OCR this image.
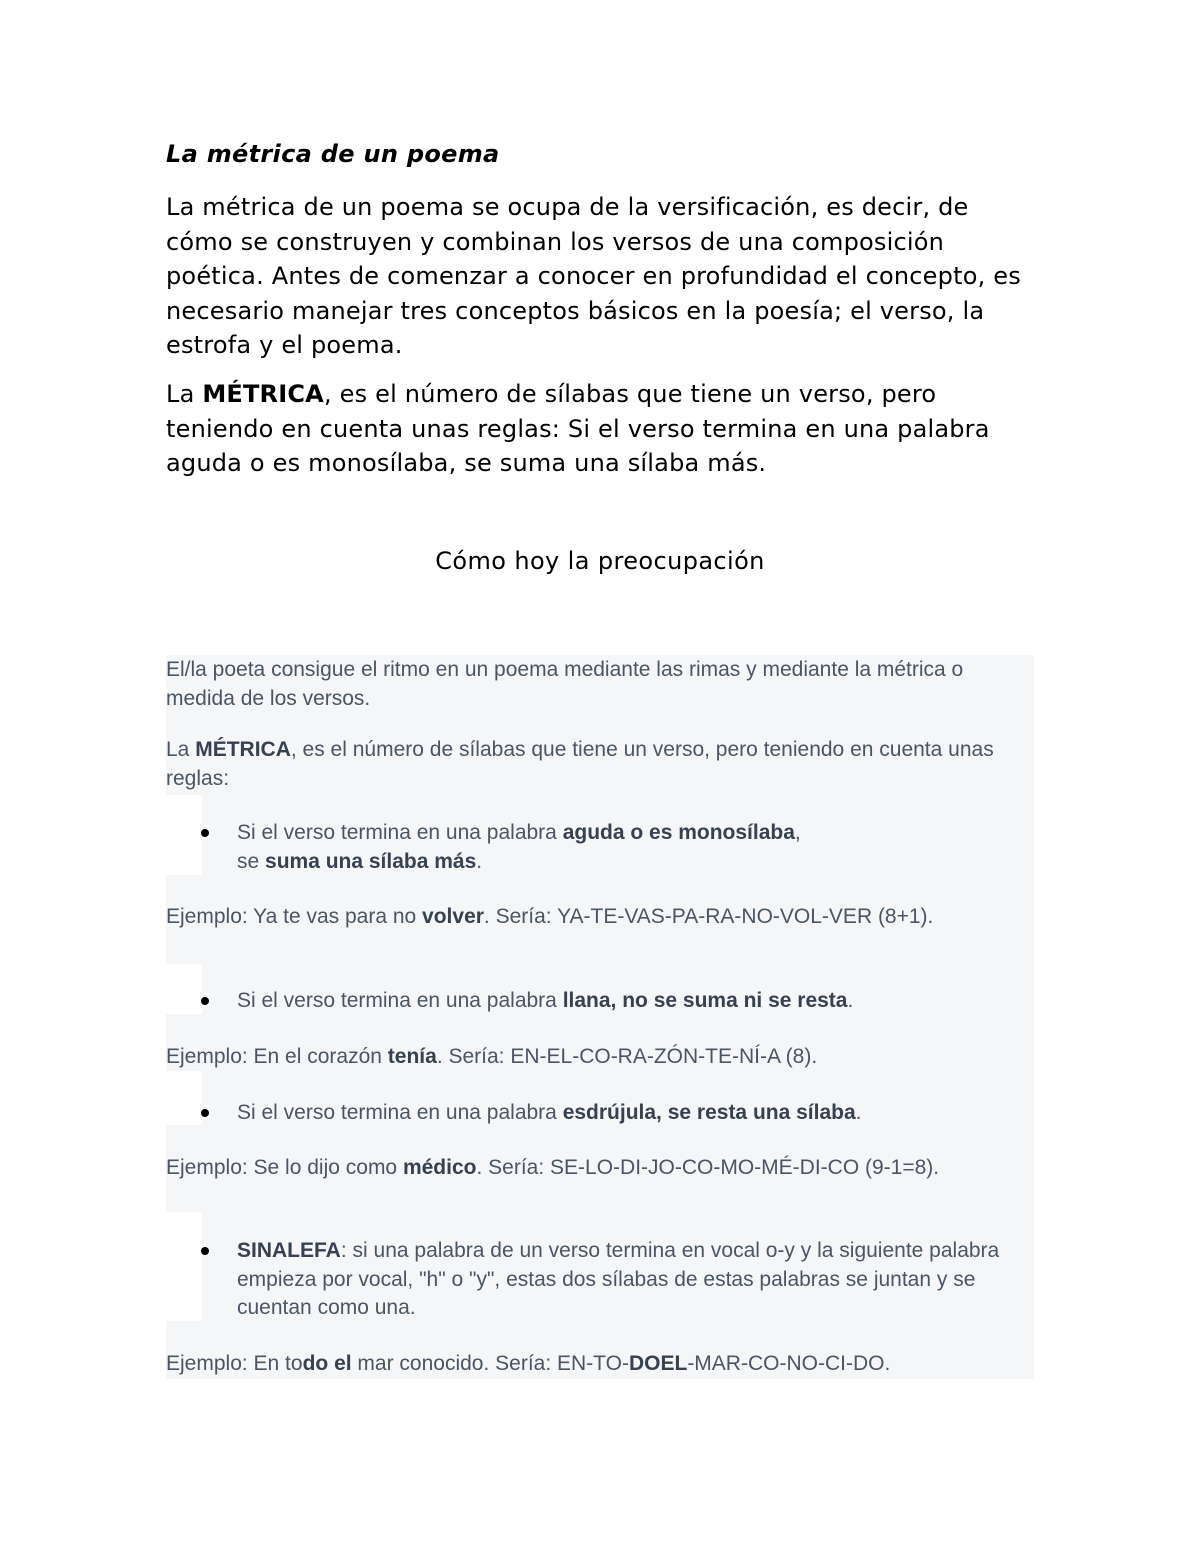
La métrica de un poema

La métrica de un poema se ocupa de la versificación, es decir, de cómo se construyen y combinan los versos de una composición poética. Antes de comenzar a conocer en profundidad el concepto, es necesario manejar tres conceptos básicos en la poesía; el verso, la estrofa y el poema.

La MÉTRICA, es el número de sílabas que tiene un verso, pero teniendo en cuenta unas reglas: Si el verso termina en una palabra aguda o es monosílaba, se suma una sílaba más.

Cómo hoy la preocupación

El/la poeta consigue el ritmo en un poema mediante las rimas y mediante la métrica o medida de los versos.

La MÉTRICA, es el número de sílabas que tiene un verso, pero teniendo en cuenta unas reglas:

Si el verso termina en una palabra aguda o es monosílaba,
se suma una sílaba más.

Ejemplo: Ya te vas para no volver. Sería: YA-TE-VAS-PA-RA-NO-VOL-VER (8+1).

Si el verso termina en una palabra llana, no se suma ni se resta.

Ejemplo: En el corazón tenía. Sería: EN-EL-CO-RA-ZÓN-TE-NÍ-A (8).

Si el verso termina en una palabra esdrújula, se resta una sílaba.

Ejemplo: Se lo dijo como médico. Sería: SE-LO-DI-JO-CO-MO-MÉ-DI-CO (9-1=8).

SINALEFA: si una palabra de un verso termina en vocal o-y y la siguiente palabra empieza por vocal, "h" o "y", estas dos sílabas de estas palabras se juntan y se cuentan como una.

Ejemplo: En todo el mar conocido. Sería: EN-TO-DOEL-MAR-CO-NO-CI-DO.
